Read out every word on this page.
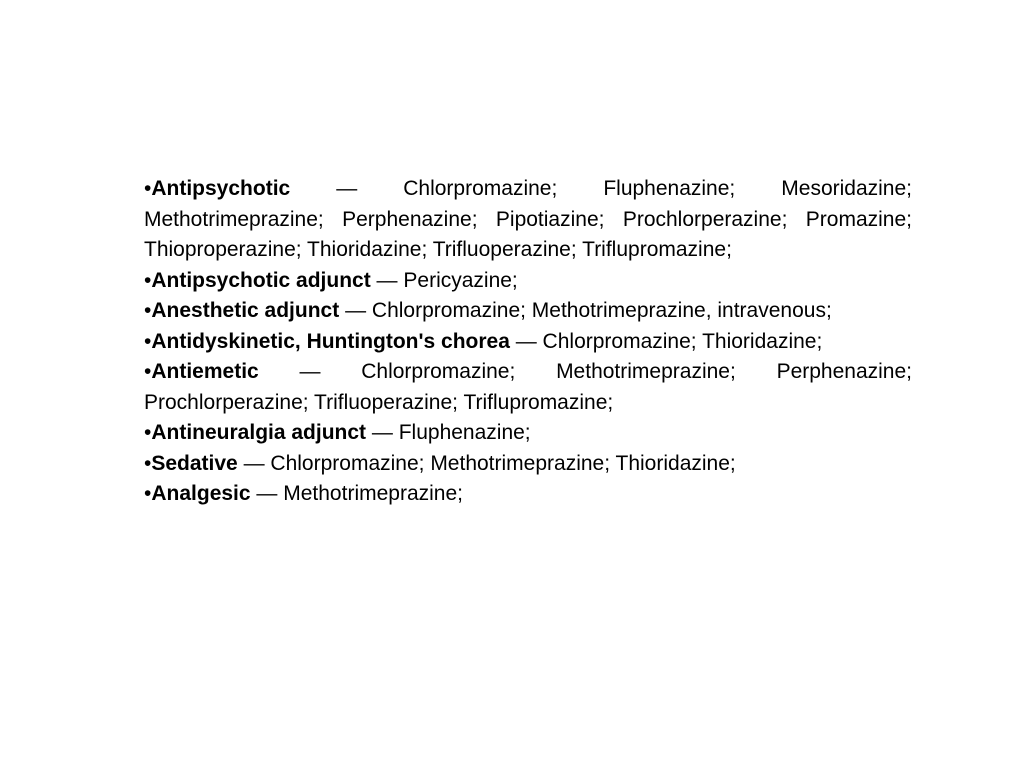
•Antipsychotic — Chlorpromazine; Fluphenazine; Mesoridazine; Methotrimeprazine; Perphenazine; Pipotiazine; Prochlorperazine; Promazine; Thioproperazine; Thioridazine; Trifluoperazine; Triflupromazine;

•Antipsychotic adjunct — Pericyazine;

•Anesthetic adjunct — Chlorpromazine; Methotrimeprazine, intravenous;

•Antidyskinetic, Huntington's chorea — Chlorpromazine; Thioridazine;

•Antiemetic — Chlorpromazine; Methotrimeprazine; Perphenazine; Prochlorperazine; Trifluoperazine; Triflupromazine;

•Antineuralgia adjunct — Fluphenazine;

•Sedative — Chlorpromazine; Methotrimeprazine; Thioridazine;

•Analgesic — Methotrimeprazine;
